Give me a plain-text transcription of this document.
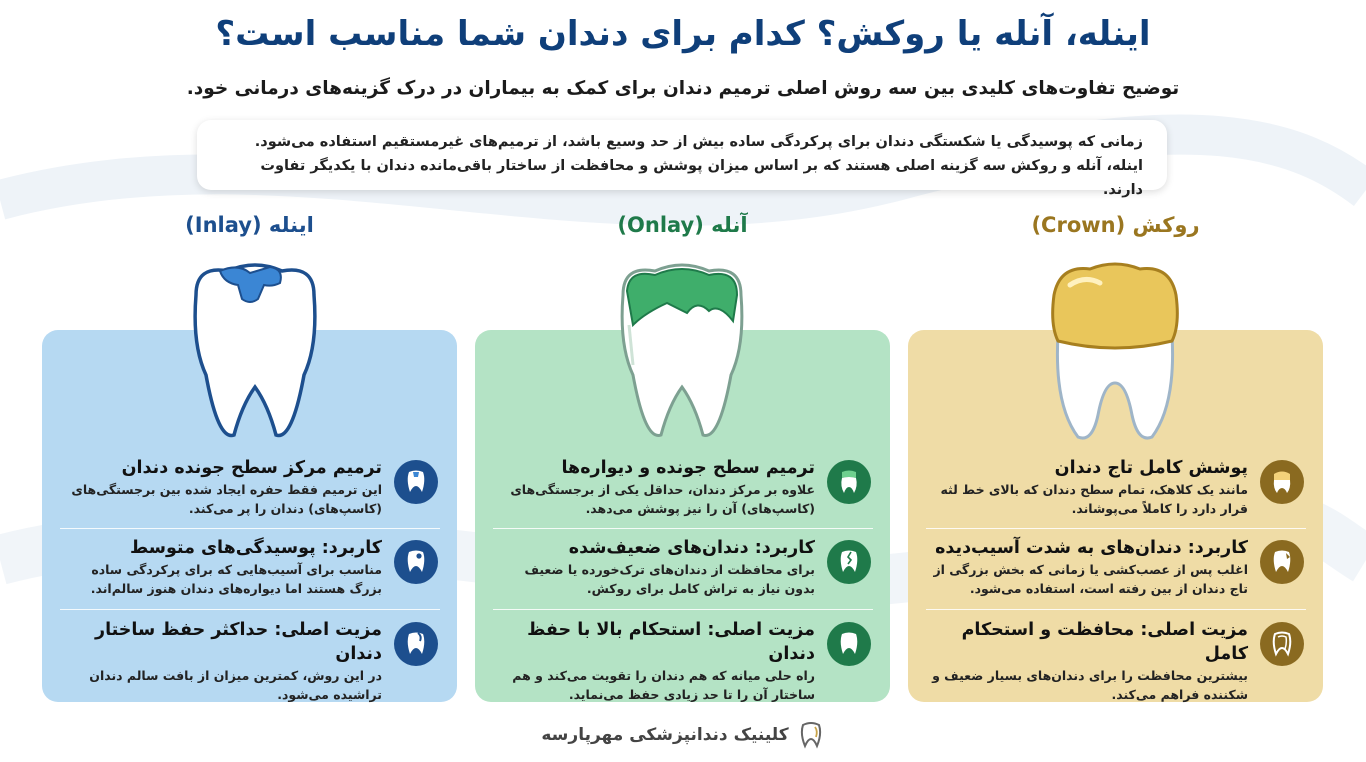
اینله، آنله یا روکش؟ کدام برای دندان شما مناسب است؟

توضیح تفاوت‌های کلیدی بین سه روش اصلی ترمیم دندان برای کمک به بیماران در درک گزینه‌های درمانی خود.

زمانی که پوسیدگی یا شکستگی دندان برای پرکردگی ساده بیش از حد وسیع باشد، از ترمیم‌های غیرمستقیم استفاده می‌شود. اینله، آنله و روکش سه گزینه اصلی هستند که بر اساس میزان پوشش و محافظت از ساختار باقی‌مانده دندان با یکدیگر تفاوت دارند.
روکش (Crown)
آنله (Onlay)
اینله (Inlay)
پوشش کامل تاج دندان
مانند یک کلاهک، تمام سطح دندان که بالای خط لثه قرار دارد را کاملاً می‌پوشاند.
کاربرد: دندان‌های به شدت آسیب‌دیده
اغلب پس از عصب‌کشی یا زمانی که بخش بزرگی از تاج دندان از بین رفته است، استفاده می‌شود.
مزیت اصلی: محافظت و استحکام کامل
بیشترین محافظت را برای دندان‌های بسیار ضعیف و شکننده فراهم می‌کند.
ترمیم سطح جونده و دیواره‌ها
علاوه بر مرکز دندان، حداقل یکی از برجستگی‌های (کاسپ‌های) آن را نیز پوشش می‌دهد.
کاربرد: دندان‌های ضعیف‌شده
برای محافظت از دندان‌های ترک‌خورده یا ضعیف بدون نیاز به تراش کامل برای روکش.
مزیت اصلی: استحکام بالا با حفظ دندان
راه حلی میانه که هم دندان را تقویت می‌کند و هم ساختار آن را تا حد زیادی حفظ می‌نماید.
ترمیم مرکز سطح جونده دندان
این ترمیم فقط حفره ایجاد شده بین برجستگی‌های (کاسپ‌های) دندان را پر می‌کند.
کاربرد: پوسیدگی‌های متوسط
مناسب برای آسیب‌هایی که برای پرکردگی ساده بزرگ هستند اما دیواره‌های دندان هنوز سالم‌اند.
مزیت اصلی: حداکثر حفظ ساختار دندان
در این روش، کمترین میزان از بافت سالم دندان تراشیده می‌شود.
کلینیک دندانپزشکی مهرپارسه
